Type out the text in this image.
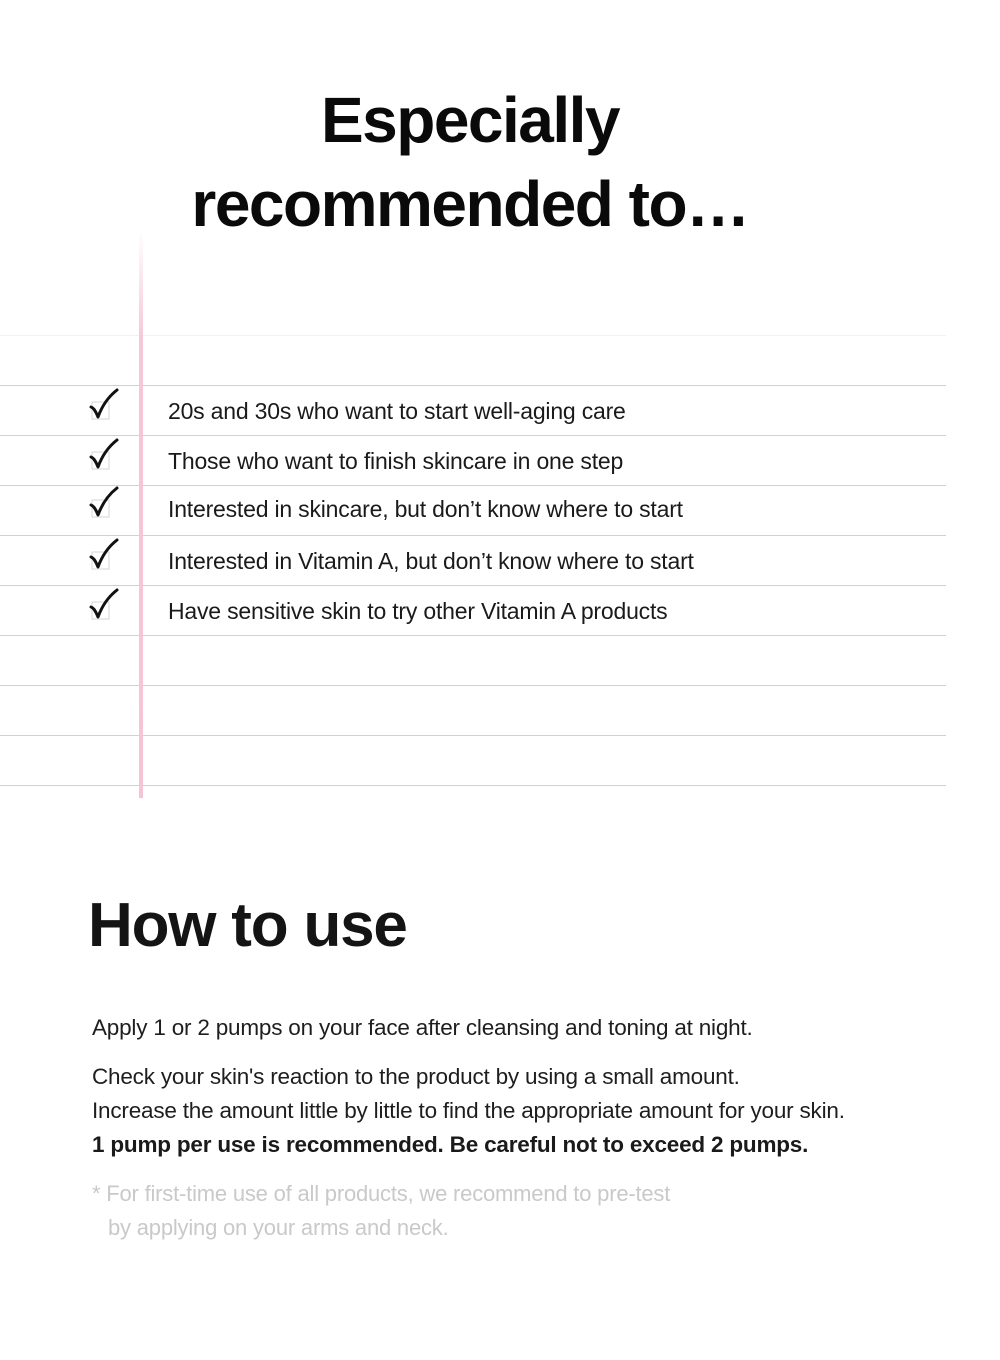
Especially
recommended to…
20s and 30s who want to start well-aging care
Those who want to finish skincare in one step
Interested in skincare, but don’t know where to start
Interested in Vitamin A, but don’t know where to start
Have sensitive skin to try other Vitamin A products
How to use
Apply 1 or 2 pumps on your face after cleansing and toning at night.
Check your skin's reaction to the product by using a small amount.
Increase the amount little by little to find the appropriate amount for your skin.
1 pump per use is recommended. Be careful not to exceed 2 pumps.
* For first-time use of all products, we recommend to pre-test
by applying on your arms and neck.
